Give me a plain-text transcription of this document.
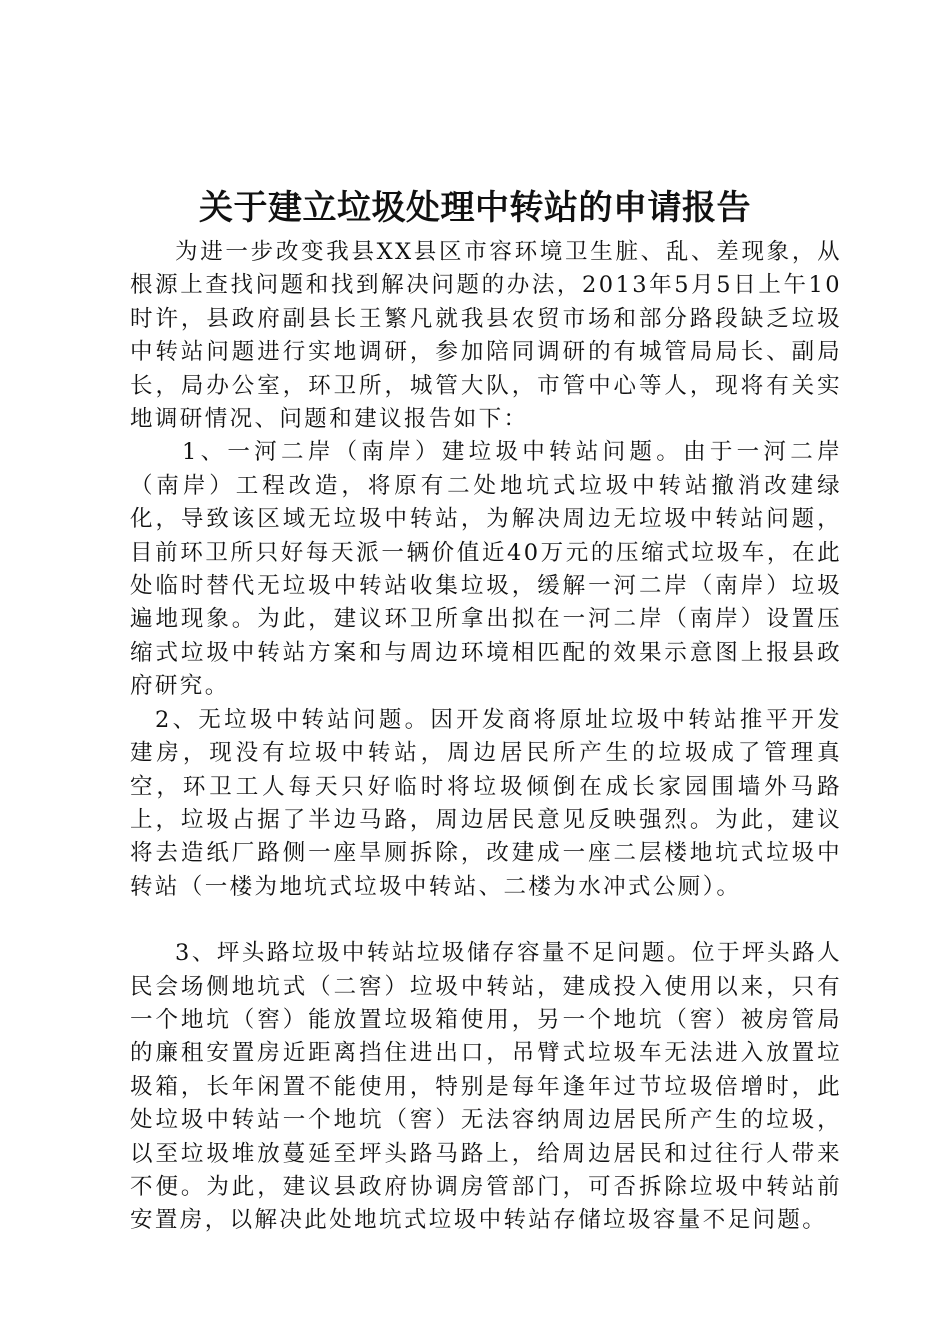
关于建立垃圾处理中转站的申请报告

为进一步改变我县XX县区市容环境卫生脏、乱、差现象，从根源上查找问题和找到解决问题的办法，2013年5月5日上午10时许，县政府副县长王繁凡就我县农贸市场和部分路段缺乏垃圾中转站问题进行实地调研，参加陪同调研的有城管局局长、副局长，局办公室，环卫所，城管大队，市管中心等人，现将有关实地调研情况、问题和建议报告如下：

1、一河二岸（南岸）建垃圾中转站问题。由于一河二岸（南岸）工程改造，将原有二处地坑式垃圾中转站撤消改建绿化，导致该区域无垃圾中转站，为解决周边无垃圾中转站问题，目前环卫所只好每天派一辆价值近40万元的压缩式垃圾车，在此处临时替代无垃圾中转站收集垃圾，缓解一河二岸（南岸）垃圾遍地现象。为此，建议环卫所拿出拟在一河二岸（南岸）设置压缩式垃圾中转站方案和与周边环境相匹配的效果示意图上报县政府研究。

2、无垃圾中转站问题。因开发商将原址垃圾中转站推平开发建房，现没有垃圾中转站，周边居民所产生的垃圾成了管理真空，环卫工人每天只好临时将垃圾倾倒在成长家园围墙外马路上，垃圾占据了半边马路，周边居民意见反映强烈。为此，建议将去造纸厂路侧一座旱厕拆除，改建成一座二层楼地坑式垃圾中转站（一楼为地坑式垃圾中转站、二楼为水冲式公厕）。

3、坪头路垃圾中转站垃圾储存容量不足问题。位于坪头路人民会场侧地坑式（二窖）垃圾中转站，建成投入使用以来，只有一个地坑（窖）能放置垃圾箱使用，另一个地坑（窖）被房管局的廉租安置房近距离挡住进出口，吊臂式垃圾车无法进入放置垃圾箱，长年闲置不能使用，特别是每年逢年过节垃圾倍增时，此处垃圾中转站一个地坑（窖）无法容纳周边居民所产生的垃圾，以至垃圾堆放蔓延至坪头路马路上，给周边居民和过往行人带来不便。为此，建议县政府协调房管部门，可否拆除垃圾中转站前安置房，以解决此处地坑式垃圾中转站存储垃圾容量不足问题。
